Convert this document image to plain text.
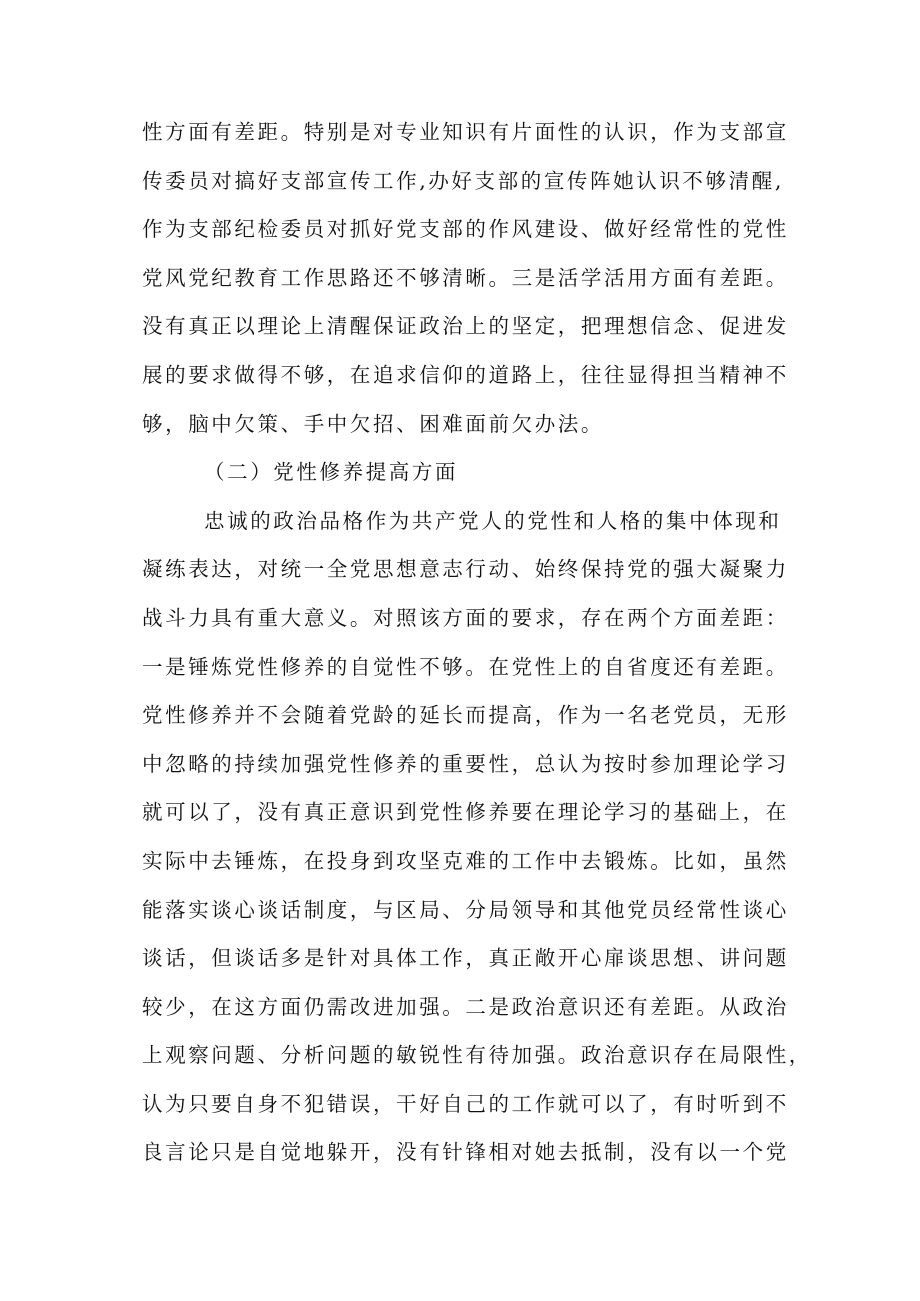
性方面有差距。特别是对专业知识有片面性的认识，作为支部宣
传委员对搞好支部宣传工作,办好支部的宣传阵她认识不够清醒,
作为支部纪检委员对抓好党支部的作风建设、做好经常性的党性
党风党纪教育工作思路还不够清晰。三是活学活用方面有差距。
没有真正以理论上清醒保证政治上的坚定，把理想信念、促进发
展的要求做得不够，在追求信仰的道路上，往往显得担当精神不
够，脑中欠策、手中欠招、困难面前欠办法。
（二）党性修养提高方面
忠诚的政治品格作为共产党人的党性和人格的集中体现和
凝练表达，对统一全党思想意志行动、始终保持党的强大凝聚力
战斗力具有重大意义。对照该方面的要求，存在两个方面差距：
一是锤炼党性修养的自觉性不够。在党性上的自省度还有差距。
党性修养并不会随着党龄的延长而提高，作为一名老党员，无形
中忽略的持续加强党性修养的重要性，总认为按时参加理论学习
就可以了，没有真正意识到党性修养要在理论学习的基础上，在
实际中去锤炼，在投身到攻坚克难的工作中去锻炼。比如，虽然
能落实谈心谈话制度，与区局、分局领导和其他党员经常性谈心
谈话，但谈话多是针对具体工作，真正敞开心扉谈思想、讲问题
较少，在这方面仍需改进加强。二是政治意识还有差距。从政治
上观察问题、分析问题的敏锐性有待加强。政治意识存在局限性，
认为只要自身不犯错误，干好自己的工作就可以了，有时听到不
良言论只是自觉地躲开，没有针锋相对她去抵制，没有以一个党
